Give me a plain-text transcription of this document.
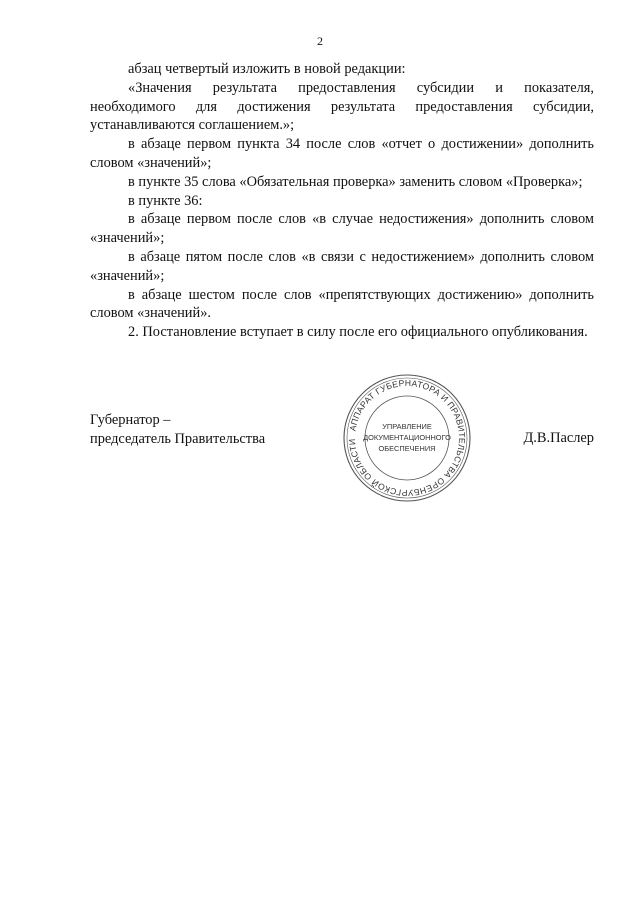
2

абзац четвертый изложить в новой редакции:

«Значения результата предоставления субсидии и показателя, необходимого для достижения результата предоставления субсидии, устанавливаются соглашением.»;

в абзаце первом пункта 34 после слов «отчет о достижении» дополнить словом «значений»;

в пункте 35 слова «Обязательная проверка» заменить словом «Проверка»;

в пункте 36:

в абзаце первом после слов «в случае недостижения» дополнить словом «значений»;

в абзаце пятом после слов «в связи с недостижением» дополнить словом «значений»;

в абзаце шестом после слов «препятствующих достижению» дополнить словом «значений».

2. Постановление вступает в силу после его официального опубликования.

Губернатор –
председатель Правительства
АППАРАТ ГУБЕРНАТОРА И ПРАВИТЕЛЬСТВА ОРЕНБУРГСКОЙ ОБЛАСТИ
УПРАВЛЕНИЕ
ДОКУМЕНТАЦИОННОГО
ОБЕСПЕЧЕНИЯ
Д.В.Паслер
